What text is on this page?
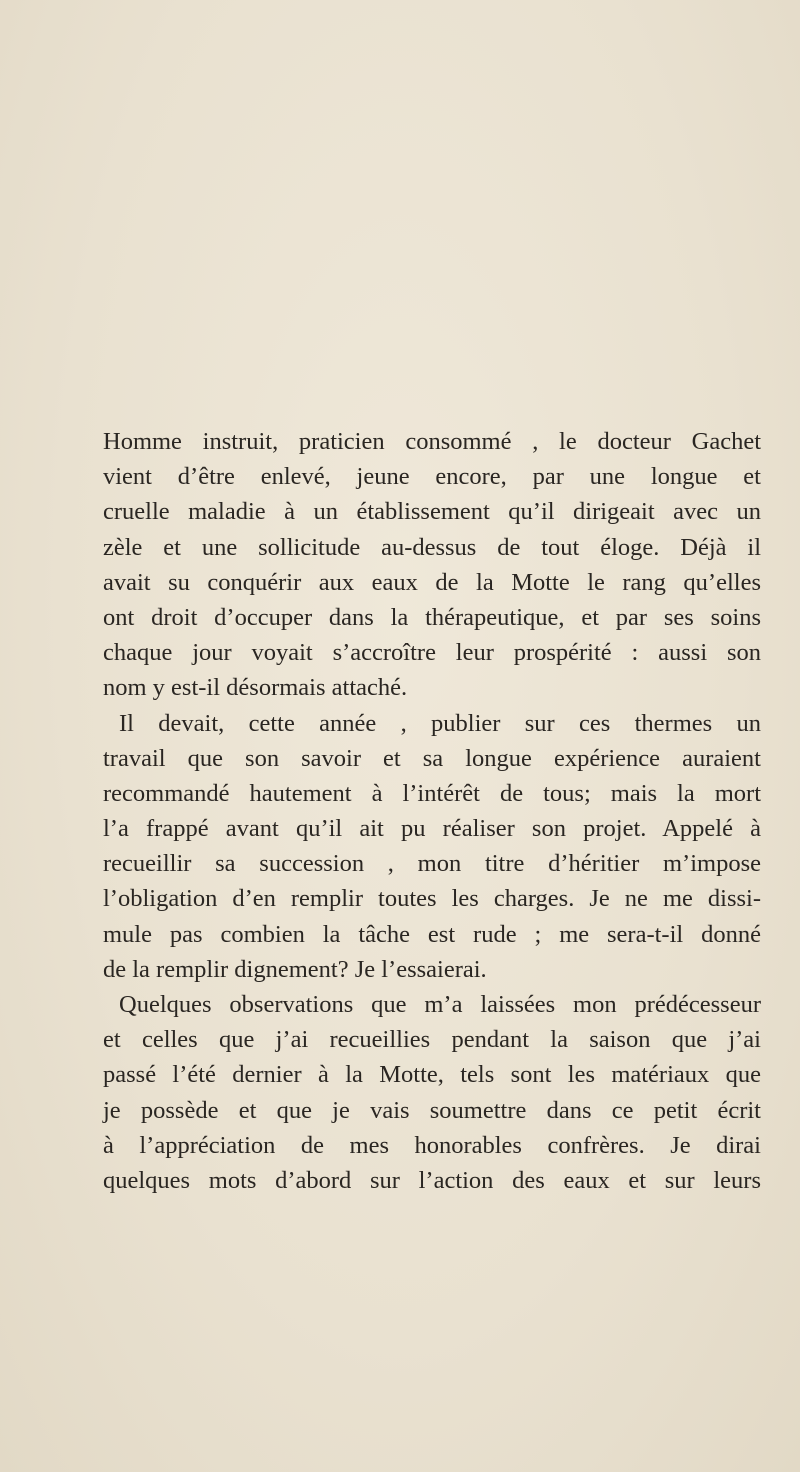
Homme instruit, praticien consommé , le docteur Gachet
vient d’être enlevé, jeune encore, par une longue et
cruelle maladie à un établissement qu’il dirigeait avec un
zèle et une sollicitude au-dessus de tout éloge. Déjà il
avait su conquérir aux eaux de la Motte le rang qu’elles
ont droit d’occuper dans la thérapeutique, et par ses soins
chaque jour voyait s’accroître leur prospérité : aussi son
nom y est-il désormais attaché.
Il devait, cette année , publier sur ces thermes un
travail que son savoir et sa longue expérience auraient
recommandé hautement à l’intérêt de tous; mais la mort
l’a frappé avant qu’il ait pu réaliser son projet. Appelé à
recueillir sa succession , mon titre d’héritier m’impose
l’obligation d’en remplir toutes les charges. Je ne me dissi-
mule pas combien la tâche est rude ; me sera-t-il donné
de la remplir dignement? Je l’essaierai.
Quelques observations que m’a laissées mon prédécesseur
et celles que j’ai recueillies pendant la saison que j’ai
passé l’été dernier à la Motte, tels sont les matériaux que
je possède et que je vais soumettre dans ce petit écrit
à l’appréciation de mes honorables confrères. Je dirai
quelques mots d’abord sur l’action des eaux et sur leurs
